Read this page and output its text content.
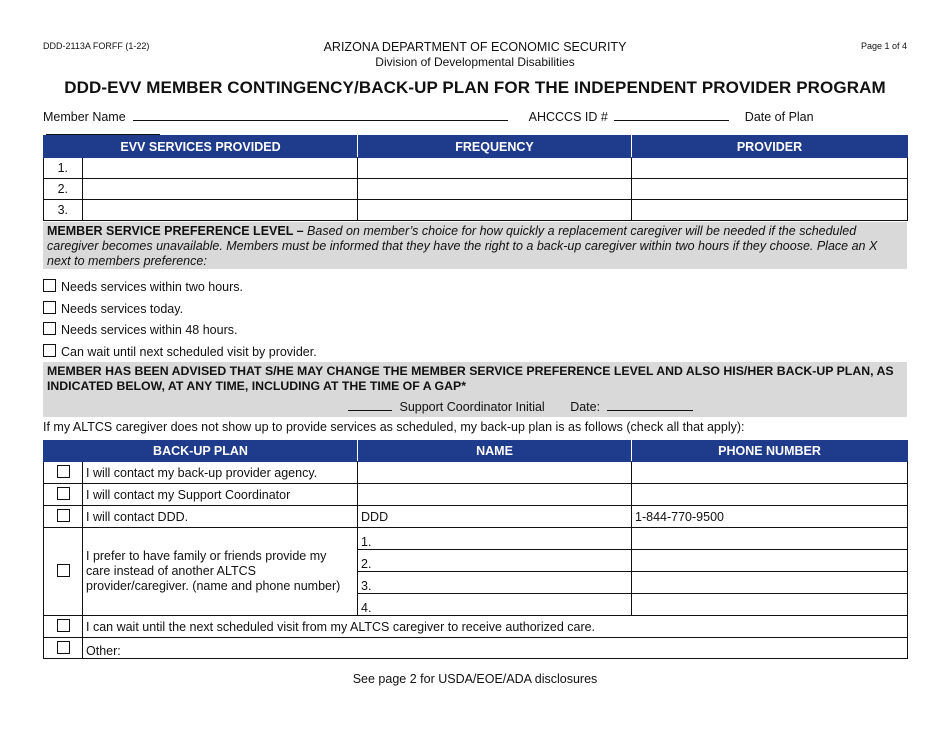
DDD-2113A FORFF (1-22)	Page 1 of 4
ARIZONA DEPARTMENT OF ECONOMIC SECURITY
Division of Developmental Disabilities
DDD-EVV MEMBER CONTINGENCY/BACK-UP PLAN FOR THE INDEPENDENT PROVIDER PROGRAM
Member Name	AHCCCS ID #	Date of Plan
EVV SERVICES PROVIDED		FREQUENCY	PROVIDER
1.			
2.			
3.			
MEMBER SERVICE PREFERENCE LEVEL – Based on member’s choice for how quickly a replacement caregiver will be needed if the scheduled caregiver becomes unavailable. Members must be informed that they have the right to a back-up caregiver within two hours if they choose. Place an X next to members preference:
Needs services within two hours.
Needs services today.
Needs services within 48 hours.
Can wait until next scheduled visit by provider.
MEMBER HAS BEEN ADVISED THAT S/HE MAY CHANGE THE MEMBER SERVICE PREFERENCE LEVEL AND ALSO HIS/HER BACK-UP PLAN, AS INDICATED BELOW, AT ANY TIME, INCLUDING AT THE TIME OF A GAP*
Support Coordinator Initial Date:
If my ALTCS caregiver does not show up to provide services as scheduled, my back-up plan is as follows (check all that apply):
BACK-UP PLAN		NAME	PHONE NUMBER
	I will contact my back-up provider agency.		
	I will contact my Support Coordinator		
	I will contact DDD.	DDD	1-844-770-9500
	I prefer to have family or friends provide my care instead of another ALTCS provider/caregiver. (name and phone number)	1.	
		2.	
		3.	
		4.	
	I can wait until the next scheduled visit from my ALTCS caregiver to receive authorized care.		
	Other:		
See page 2 for USDA/EOE/ADA disclosures
